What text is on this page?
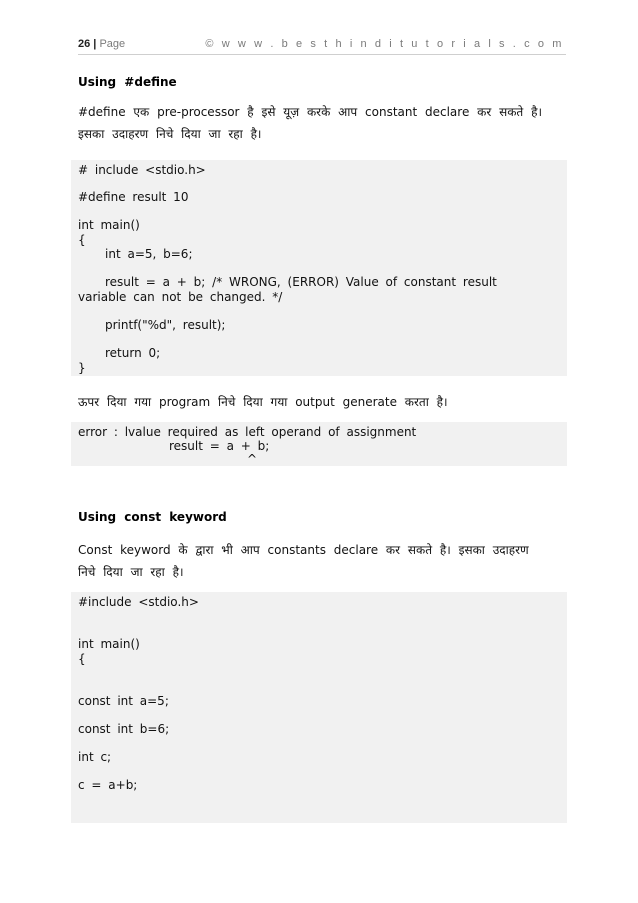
26 | Page	© w w w . b e s t h i n d i t u t o r i a l s . c o m
Using #define
#define एक pre-processor है इसे यूज़ करके आप constant declare कर सकते है।
इसका उदाहरण निचे दिया जा रहा है।
# include <stdio.h>
#define result 10
int main()
{
int a=5, b=6;
result = a + b; /* WRONG, (ERROR) Value of constant result
variable can not be changed. */
printf("%d", result);
return 0;
}
ऊपर दिया गया program निचे दिया गया output generate करता है।
error : lvalue required as left operand of assignment
result = a + b;
^
Using const keyword
Const keyword के द्वारा भी आप constants declare कर सकते है। इसका उदाहरण
निचे दिया जा रहा है।
#include <stdio.h>
int main()
{
const int a=5;
const int b=6;
int c;
c = a+b;
